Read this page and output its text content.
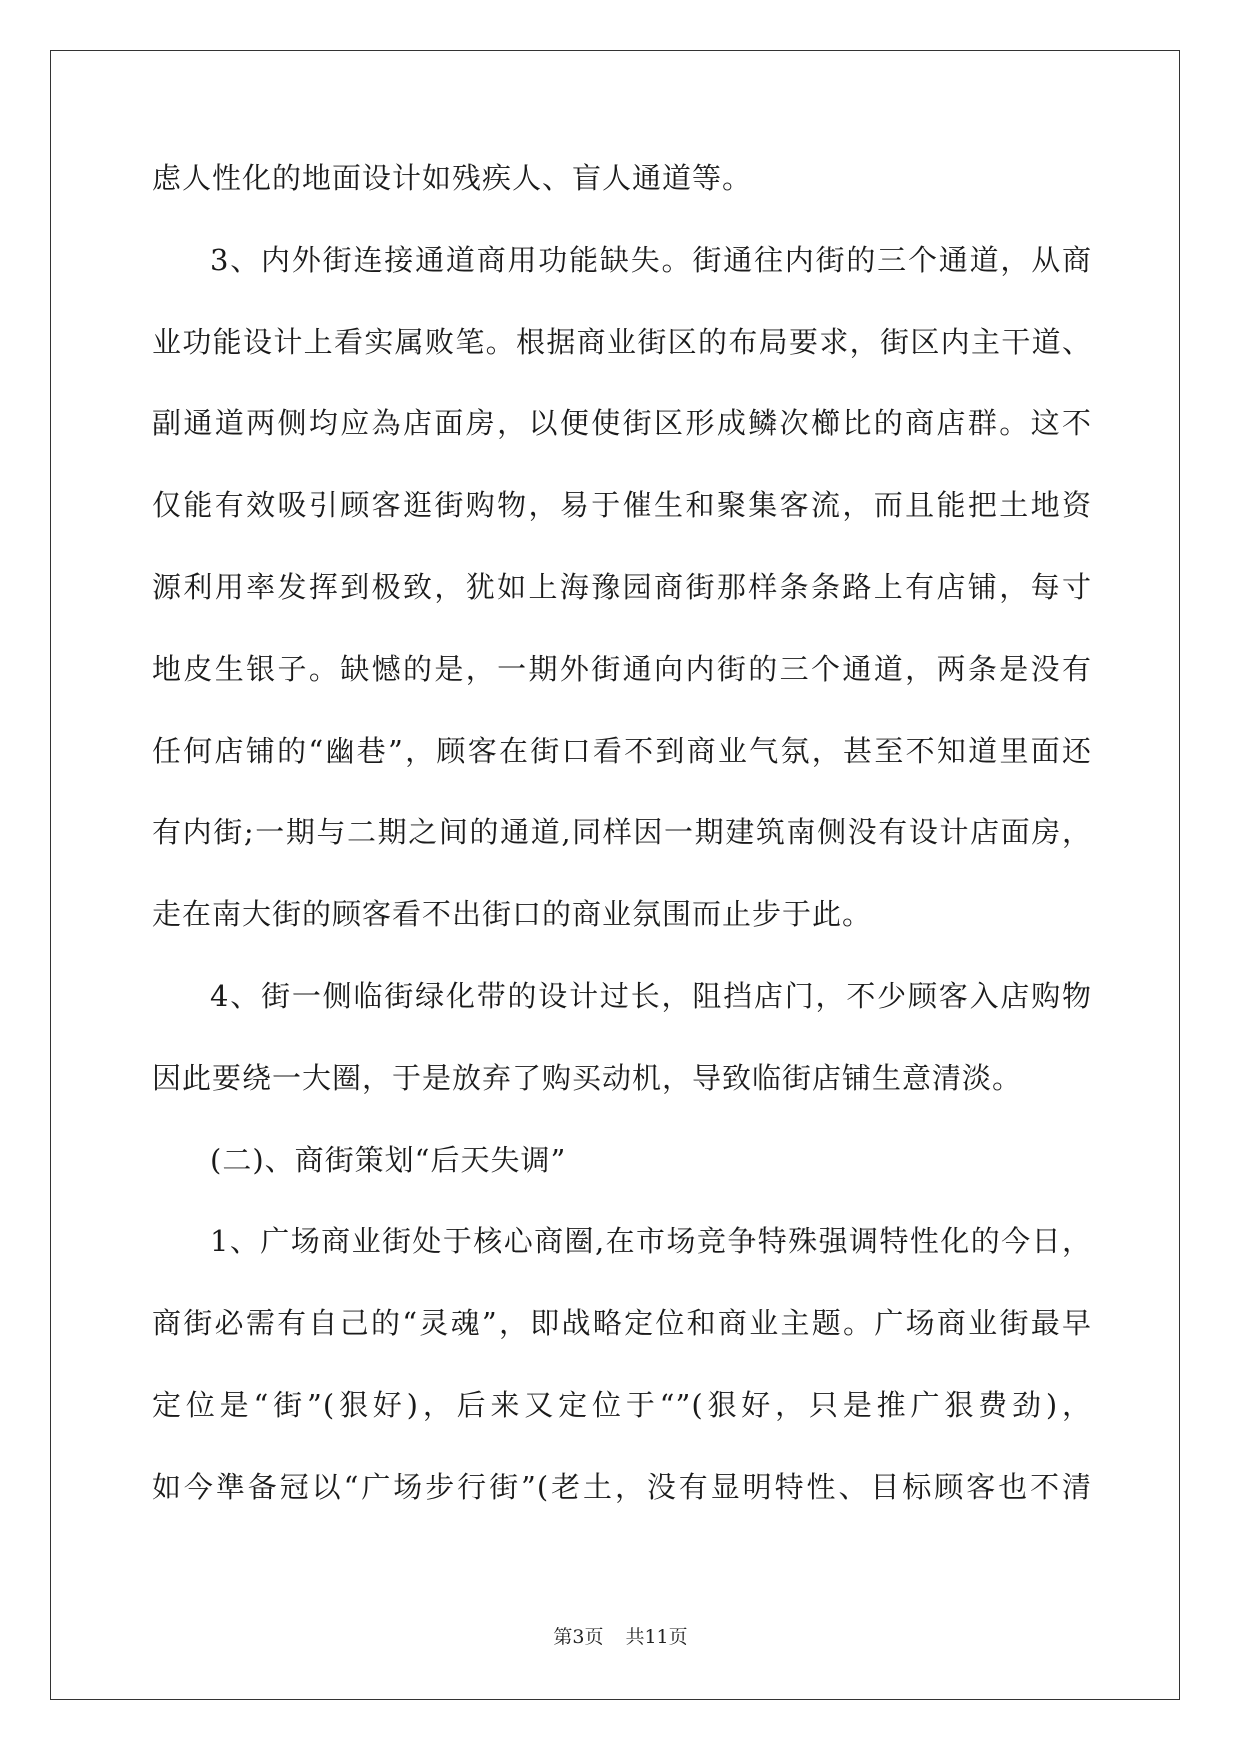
虑人性化的地面设计如残疾人、盲人通道等。
3、内外街连接通道商用功能缺失。街通往内街的三个通道，从商
业功能设计上看实属败笔。根据商业街区的布局要求，街区内主干道、
副通道两侧均应為店面房，以便使街区形成鳞次櫛比的商店群。这不
仅能有效吸引顾客逛街购物，易于催生和聚集客流，而且能把土地资
源利用率发挥到极致，犹如上海豫园商街那样条条路上有店铺，每寸
地皮生银子。缺憾的是，一期外街通向内街的三个通道，两条是没有
任何店铺的“幽巷”，顾客在街口看不到商业气氛，甚至不知道里面还
有内街;一期与二期之间的通道,同样因一期建筑南侧没有设计店面房，
走在南大街的顾客看不出街口的商业氛围而止步于此。
4、街一侧临街绿化带的设计过长，阻挡店门，不少顾客入店购物
因此要绕一大圈，于是放弃了购买动机，导致临街店铺生意清淡。
(二)、商街策划“后天失调”
1、广场商业街处于核心商圈,在市场竞争特殊强调特性化的今日，
商街必需有自己的“灵魂”，即战略定位和商业主题。广场商业街最早
定位是“街”(狠好)，后来又定位于“”(狠好，只是推广狠费劲)，
如今準备冠以“广场步行街”(老土，没有显明特性、目标顾客也不清
第3页 共11页
